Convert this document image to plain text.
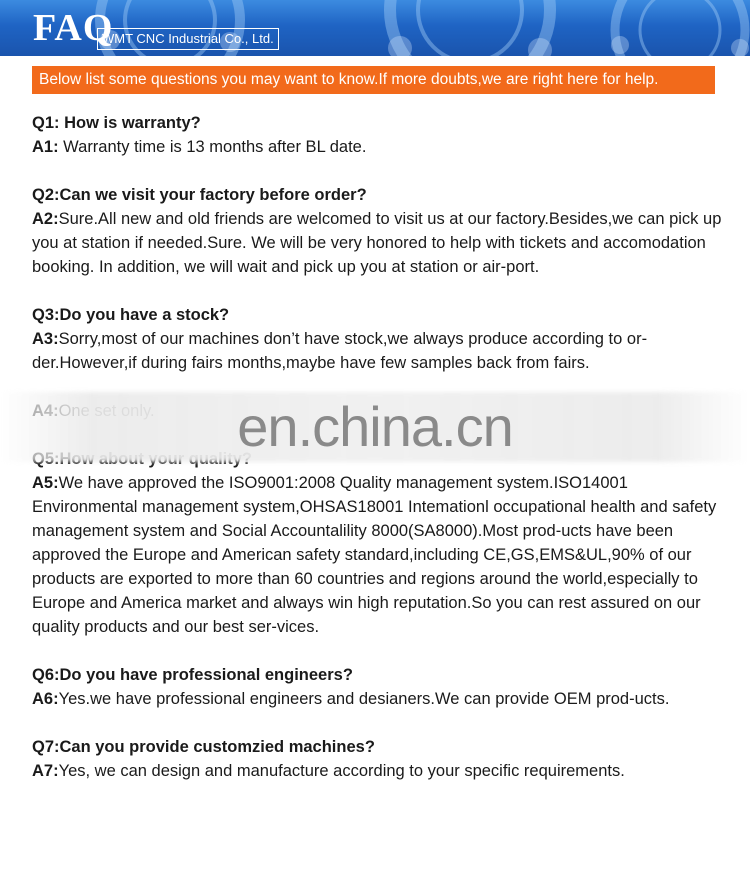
FAQ
WMT CNC Industrial Co., Ltd.
Below list some questions you may want to know.If more doubts,we are right here for help.
Q1: How is warranty?
A1: Warranty time is 13 months after BL date.
Q2:Can we visit your factory before order?
A2:Sure.All new and old friends are welcomed to visit us at our factory.Besides,we can pick up you at station if needed.Sure. We will be very honored to help with tickets and accomodation booking. In addition, we will wait and pick up you at station or air-port.
Q3:Do you have a stock?
A3:Sorry,most of our machines don’t have stock,we always produce according to or-der.However,if during fairs months,maybe have few samples back from fairs.
A5:We have approved the ISO9001:2008 Quality management system.ISO14001 Environmental management system,OHSAS18001 Intemationl occupational health and safety management system and Social Accountalility 8000(SA8000).Most prod-ucts have been approved the Europe and American safety standard,including CE,GS,EMS&UL,90% of our products are exported to more than 60 countries and regions around the world,especially to Europe and America market and always win high reputation.So you can rest assured on our quality products and our best ser-vices.
Q6:Do you have professional engineers?
A6:Yes.we have professional engineers and desianers.We can provide OEM prod-ucts.
Q7:Can you provide customzied machines?
A7:Yes, we can design and manufacture according to your specific requirements.
en.china.cn
